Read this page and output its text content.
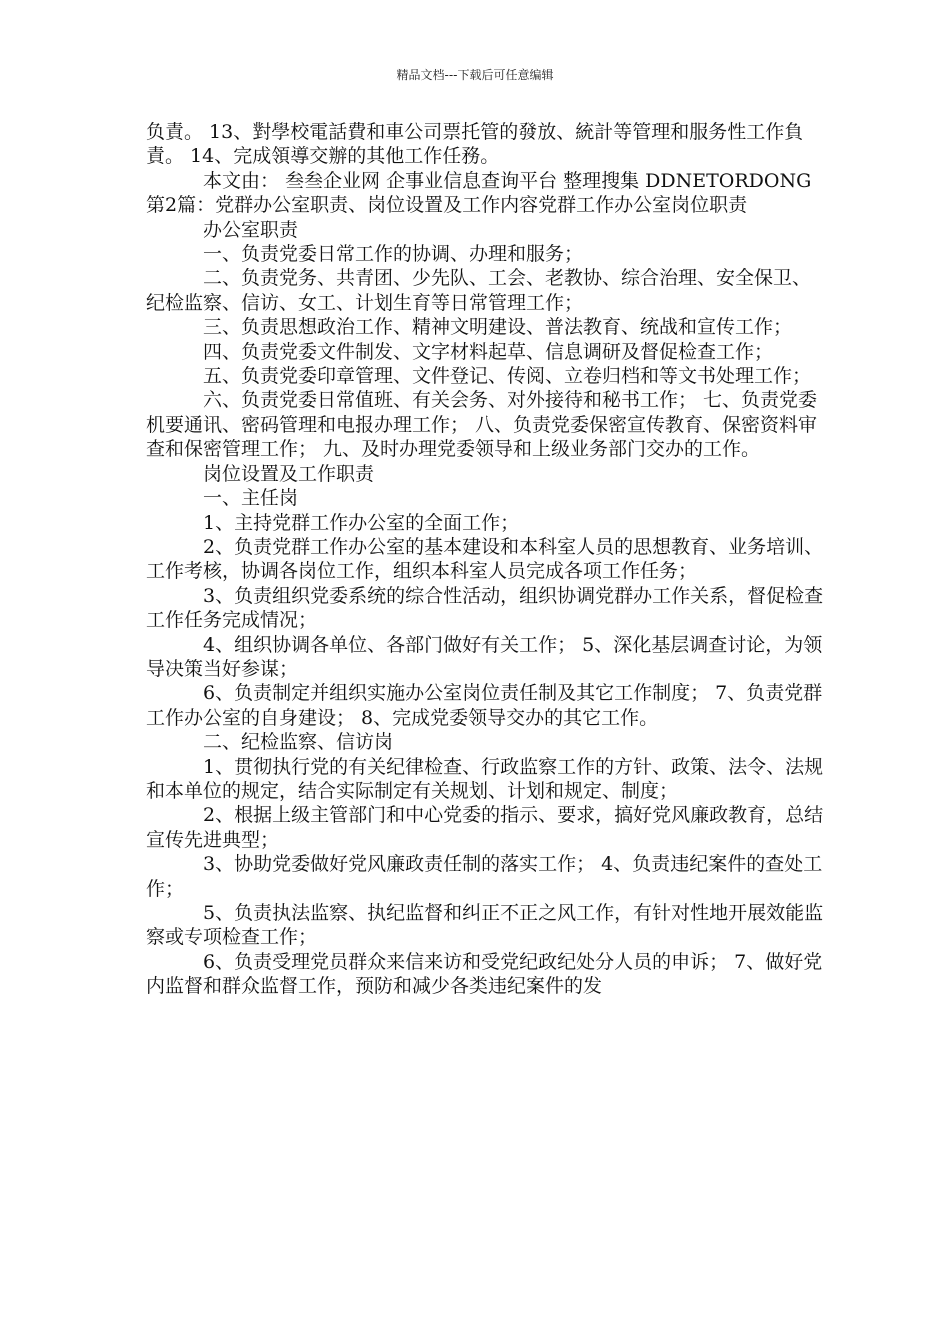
精品文档---下载后可任意编辑

负責。 13、對學校電話費和車公司票托管的發放、統計等管理和服务性工作負責。 14、完成領導交辦的其他工作任務。

　　　本文由： 叁叁企业网 企事业信息查询平台 整理搜集 DDNETORDONG第2篇：党群办公室职责、岗位设置及工作内容党群工作办公室岗位职责

　　　办公室职责

　　　一、负责党委日常工作的协调、办理和服务；

　　　二、负责党务、共青团、少先队、工会、老教协、综合治理、安全保卫、纪检监察、信访、女工、计划生育等日常管理工作；

　　　三、负责思想政治工作、精神文明建设、普法教育、统战和宣传工作；

　　　四、负责党委文件制发、文字材料起草、信息调研及督促检查工作；

　　　五、负责党委印章管理、文件登记、传阅、立卷归档和等文书处理工作；

　　　六、负责党委日常值班、有关会务、对外接待和秘书工作； 七、负责党委机要通讯、密码管理和电报办理工作； 八、负责党委保密宣传教育、保密资料审查和保密管理工作； 九、及时办理党委领导和上级业务部门交办的工作。

　　　岗位设置及工作职责

　　　一、主任岗

　　　1、主持党群工作办公室的全面工作；

　　　2、负责党群工作办公室的基本建设和本科室人员的思想教育、业务培训、工作考核，协调各岗位工作，组织本科室人员完成各项工作任务；

　　　3、负责组织党委系统的综合性活动，组织协调党群办工作关系，督促检查工作任务完成情况；

　　　4、组织协调各单位、各部门做好有关工作； 5、深化基层调查讨论，为领导决策当好参谋；

　　　6、负责制定并组织实施办公室岗位责任制及其它工作制度； 7、负责党群工作办公室的自身建设； 8、完成党委领导交办的其它工作。

　　　二、纪检监察、信访岗

　　　1、贯彻执行党的有关纪律检查、行政监察工作的方针、政策、法令、法规和本单位的规定，结合实际制定有关规划、计划和规定、制度；

　　　2、根据上级主管部门和中心党委的指示、要求，搞好党风廉政教育，总结宣传先进典型；

　　　3、协助党委做好党风廉政责任制的落实工作； 4、负责违纪案件的查处工作；

　　　5、负责执法监察、执纪监督和纠正不正之风工作，有针对性地开展效能监察或专项检查工作；

　　　6、负责受理党员群众来信来访和受党纪政纪处分人员的申诉； 7、做好党内监督和群众监督工作，预防和减少各类违纪案件的发
